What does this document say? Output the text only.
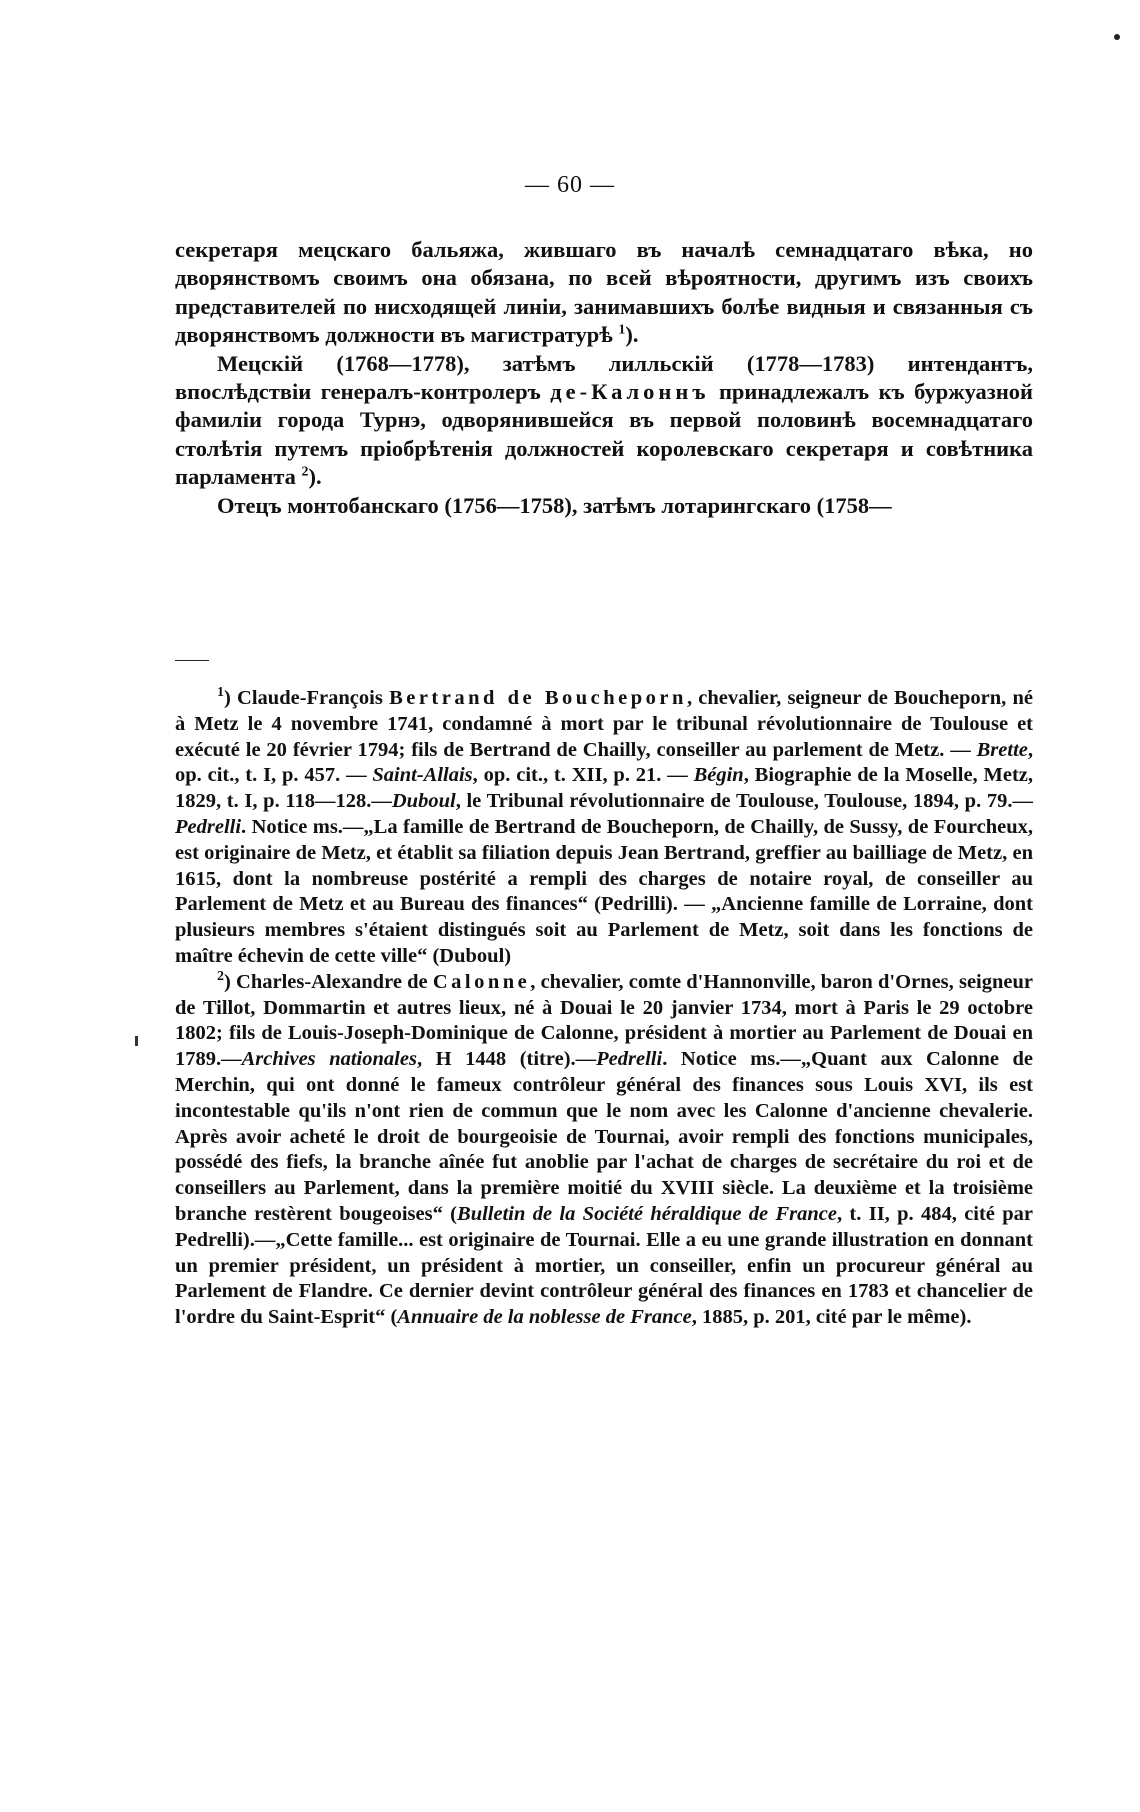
— 60 —

секретаря мецскаго бальяжа, жившаго въ началѣ семнадцатаго вѣка, но дворянствомъ своимъ она обязана, по всей вѣроятности, другимъ изъ своихъ представителей по нисходящей линіи, занимавшихъ болѣе видныя и связанныя съ дворянствомъ должности въ магистратурѣ $^1$).

Мецскій (1768—1778), затѣмъ лилльскій (1778—1783) интендантъ, впослѣдствіи генералъ-контролеръ де-Калоннъ принадлежалъ къ буржуазной фамиліи города Турнэ, одворянившейся въ первой половинѣ восемнадцатаго столѣтія путемъ пріобрѣтенія должностей королевскаго секретаря и совѣтника парламента $^2$).

Отецъ монтобанскаго (1756—1758), затѣмъ лотарингскаго (1758—

$^1$) Claude-François Bertrand de Boucheporn, chevalier, seigneur de Boucheporn, né à Metz le 4 novembre 1741, condamné à mort par le tribunal révolutionnaire de Toulouse et exécuté le 20 février 1794; fils de Bertrand de Chailly, conseiller au parlement de Metz. — Brette, op. cit., t. I, p. 457. — Saint-Allais, op. cit., t. XII, p. 21. — Bégin, Biographie de la Moselle, Metz, 1829, t. I, p. 118—128.—Duboul, le Tribunal révolutionnaire de Toulouse, Toulouse, 1894, p. 79.—Pedrelli. Notice ms.—„La famille de Bertrand de Boucheporn, de Chailly, de Sussy, de Fourcheux, est originaire de Metz, et établit sa filiation depuis Jean Bertrand, greffier au bailliage de Metz, en 1615, dont la nombreuse postérité a rempli des charges de notaire royal, de conseiller au Parlement de Metz et au Bureau des finances“ (Pedrilli). — „Ancienne famille de Lorraine, dont plusieurs membres s'étaient distingués soit au Parlement de Metz, soit dans les fonctions de maître échevin de cette ville“ (Duboul)

$^2$) Charles-Alexandre de Calonne, chevalier, comte d'Hannonville, baron d'Ornes, seigneur de Tillot, Dommartin et autres lieux, né à Douai le 20 janvier 1734, mort à Paris le 29 octobre 1802; fils de Louis-Joseph-Dominique de Calonne, président à mortier au Parlement de Douai en 1789.—Archives nationales, H 1448 (titre).—Pedrelli. Notice ms.—„Quant aux Calonne de Merchin, qui ont donné le fameux contrôleur général des finances sous Louis XVI, ils est incontestable qu'ils n'ont rien de commun que le nom avec les Calonne d'ancienne chevalerie. Après avoir acheté le droit de bourgeoisie de Tournai, avoir rempli des fonctions municipales, possédé des fiefs, la branche aînée fut anoblie par l'achat de charges de secrétaire du roi et de conseillers au Parlement, dans la première moitié du XVIII siècle. La deuxième et la troisième branche restèrent bougeoises“ (Bulletin de la Société héraldique de France, t. II, p. 484, cité par Pedrelli).—„Cette famille... est originaire de Tournai. Elle a eu une grande illustration en donnant un premier président, un président à mortier, un conseiller, enfin un procureur général au Parlement de Flandre. Ce dernier devint contrôleur général des finances en 1783 et chancelier de l'ordre du Saint-Esprit“ (Annuaire de la noblesse de France, 1885, p. 201, cité par le même).
